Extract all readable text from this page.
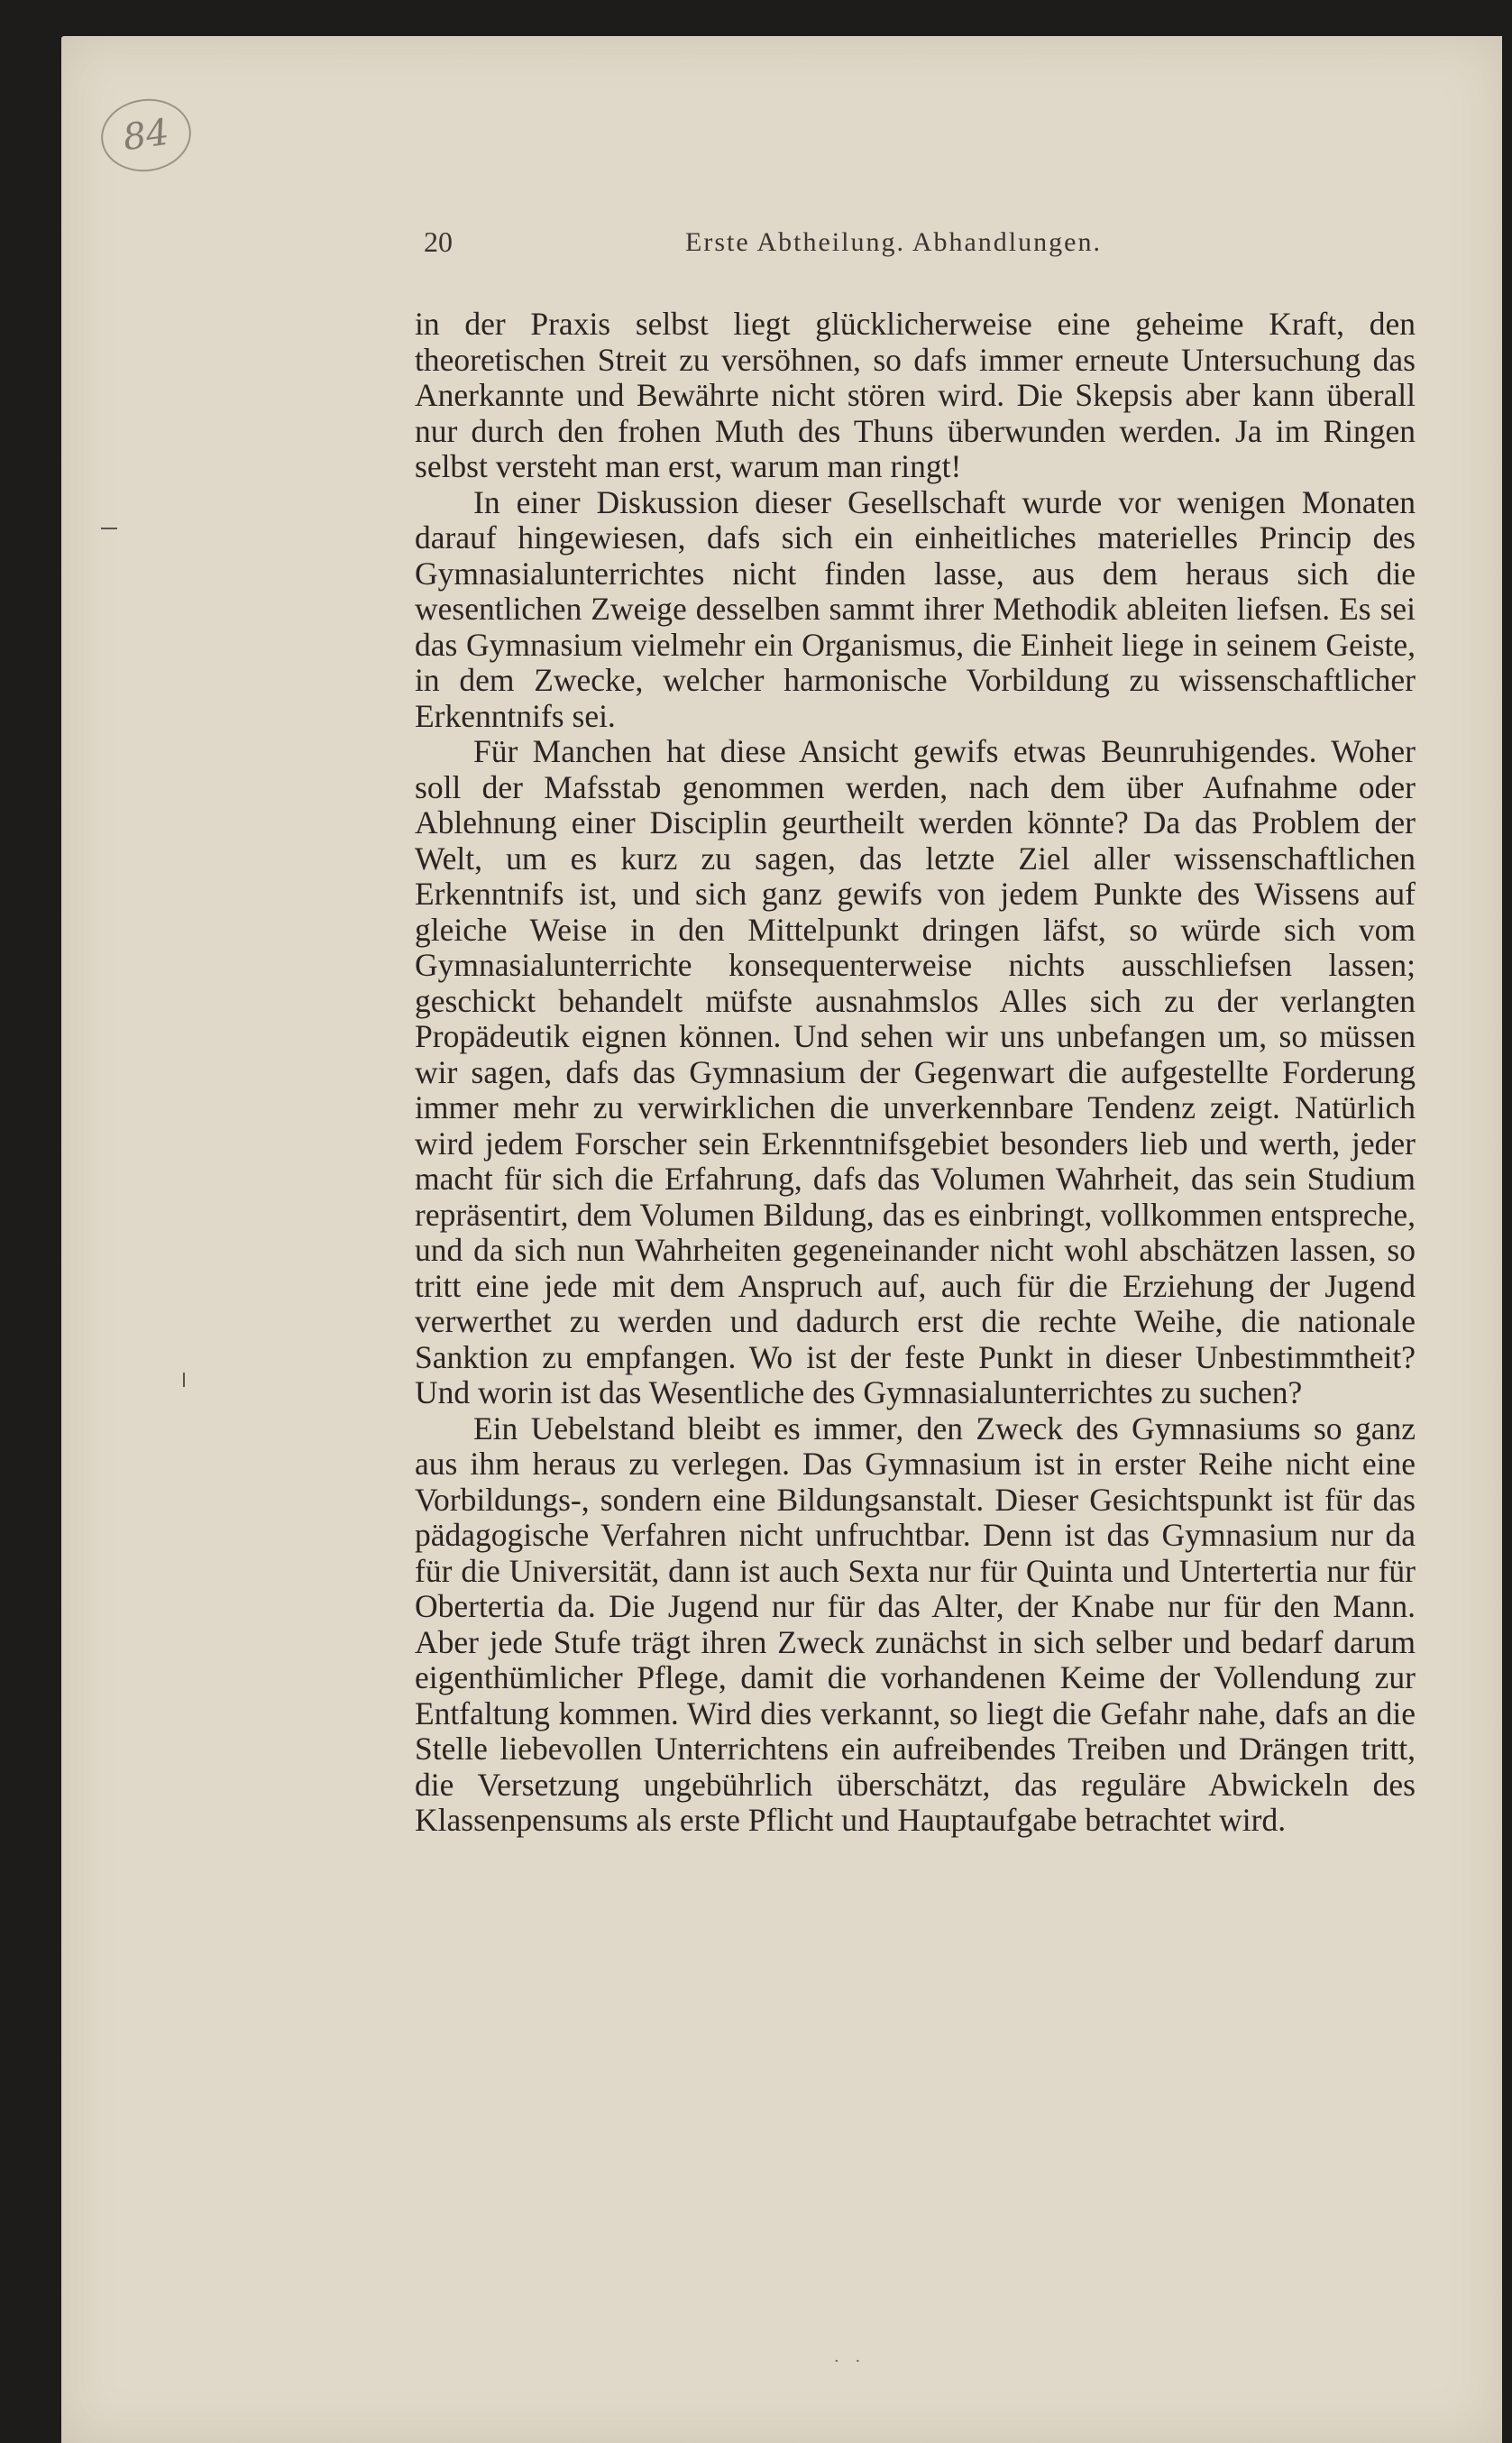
84
20	Erste Abtheilung. Abhandlungen.

in der Praxis selbst liegt glücklicherweise eine geheime Kraft, den theoretischen Streit zu versöhnen, so dafs immer erneute Untersuchung das Anerkannte und Bewährte nicht stören wird. Die Skepsis aber kann überall nur durch den frohen Muth des Thuns überwunden werden. Ja im Ringen selbst versteht man erst, warum man ringt!

In einer Diskussion dieser Gesellschaft wurde vor wenigen Monaten darauf hingewiesen, dafs sich ein einheitliches materielles Princip des Gymnasialunterrichtes nicht finden lasse, aus dem heraus sich die wesentlichen Zweige desselben sammt ihrer Methodik ableiten liefsen. Es sei das Gymnasium vielmehr ein Organismus, die Einheit liege in seinem Geiste, in dem Zwecke, welcher harmonische Vorbildung zu wissenschaftlicher Erkenntnifs sei.

Für Manchen hat diese Ansicht gewifs etwas Beunruhigendes. Woher soll der Mafsstab genommen werden, nach dem über Aufnahme oder Ablehnung einer Disciplin geurtheilt werden könnte? Da das Problem der Welt, um es kurz zu sagen, das letzte Ziel aller wissenschaftlichen Erkenntnifs ist, und sich ganz gewifs von jedem Punkte des Wissens auf gleiche Weise in den Mittelpunkt dringen läfst, so würde sich vom Gymnasialunterrichte konsequenterweise nichts ausschliefsen lassen; geschickt behandelt müfste ausnahmslos Alles sich zu der verlangten Propädeutik eignen können. Und sehen wir uns unbefangen um, so müssen wir sagen, dafs das Gymnasium der Gegenwart die aufgestellte Forderung immer mehr zu verwirklichen die unverkennbare Tendenz zeigt. Natürlich wird jedem Forscher sein Erkenntnifsgebiet besonders lieb und werth, jeder macht für sich die Erfahrung, dafs das Volumen Wahrheit, das sein Studium repräsentirt, dem Volumen Bildung, das es einbringt, vollkommen entspreche, und da sich nun Wahrheiten gegeneinander nicht wohl abschätzen lassen, so tritt eine jede mit dem Anspruch auf, auch für die Erziehung der Jugend verwerthet zu werden und dadurch erst die rechte Weihe, die nationale Sanktion zu empfangen. Wo ist der feste Punkt in dieser Unbestimmtheit? Und worin ist das Wesentliche des Gymnasialunterrichtes zu suchen?

Ein Uebelstand bleibt es immer, den Zweck des Gymnasiums so ganz aus ihm heraus zu verlegen. Das Gymnasium ist in erster Reihe nicht eine Vorbildungs-, sondern eine Bildungsanstalt. Dieser Gesichtspunkt ist für das pädagogische Verfahren nicht unfruchtbar. Denn ist das Gymnasium nur da für die Universität, dann ist auch Sexta nur für Quinta und Untertertia nur für Obertertia da. Die Jugend nur für das Alter, der Knabe nur für den Mann. Aber jede Stufe trägt ihren Zweck zunächst in sich selber und bedarf darum eigenthümlicher Pflege, damit die vorhandenen Keime der Vollendung zur Entfaltung kommen. Wird dies verkannt, so liegt die Gefahr nahe, dafs an die Stelle liebevollen Unterrichtens ein aufreibendes Treiben und Drängen tritt, die Versetzung ungebührlich überschätzt, das reguläre Abwickeln des Klassenpensums als erste Pflicht und Hauptaufgabe betrachtet wird.

· ·
